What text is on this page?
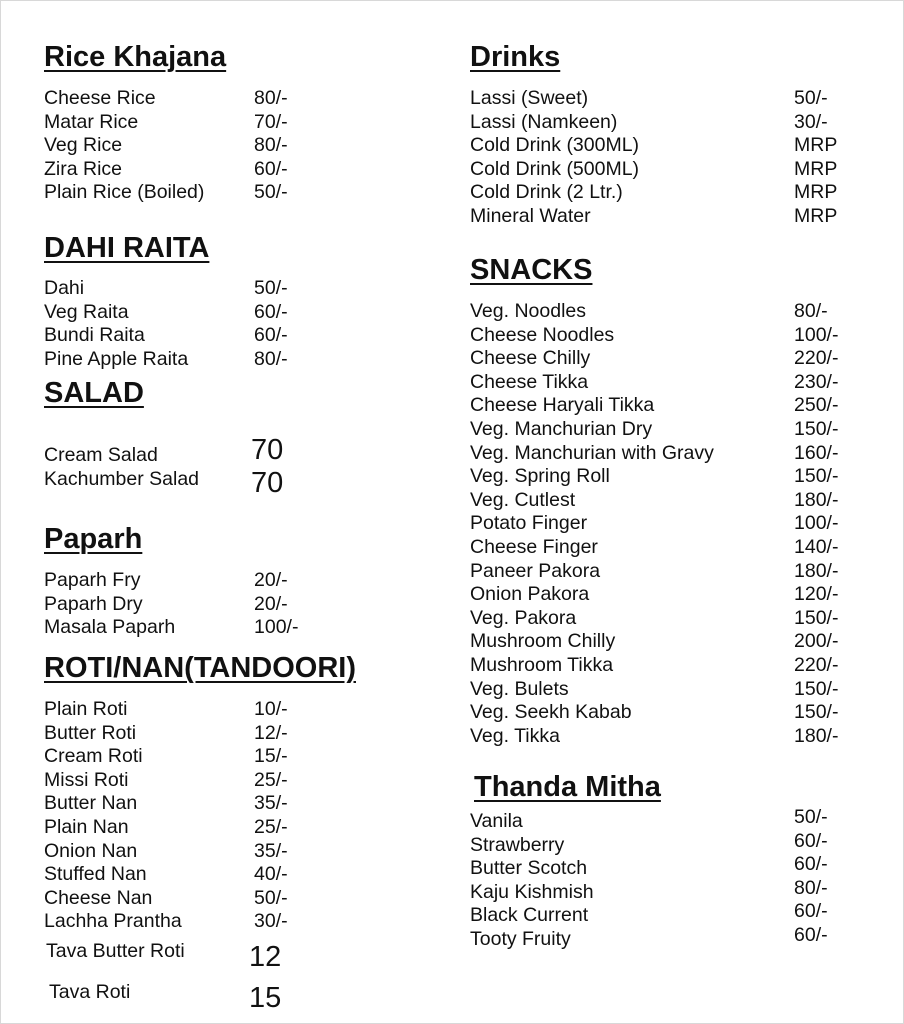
Rice Khajana
Cheese Rice	80/-
Matar Rice	70/-
Veg Rice	80/-
Zira Rice	60/-
Plain Rice (Boiled)	50/-
DAHI RAITA
Dahi	50/-
Veg Raita	60/-
Bundi Raita	60/-
Pine Apple Raita	80/-
SALAD
Cream Salad	70
Kachumber Salad 70
Paparh
Paparh Fry	20/-
Paparh Dry	20/-
Masala Paparh	100/-
ROTI/NAN(TANDOORI)
Plain Roti	10/-
Butter Roti	12/-
Cream Roti	15/-
Missi Roti	25/-
Butter Nan	35/-
Plain Nan	25/-
Onion Nan	35/-
Stuffed Nan	40/-
Cheese Nan	50/-
Lachha Prantha	30/-
Tava Butter Roti 12
Tava Roti	15
Drinks
Lassi (Sweet)	50/-
Lassi (Namkeen)	30/-
Cold Drink (300ML)	MRP
Cold Drink (500ML)	MRP
Cold Drink (2 Ltr.)	MRP
Mineral Water	MRP
SNACKS
Veg. Noodles	80/-
Cheese Noodles	100/-
Cheese Chilly	220/-
Cheese Tikka	230/-
Cheese Haryali Tikka	250/-
Veg. Manchurian Dry	150/-
Veg. Manchurian with Gravy	160/-
Veg. Spring Roll	150/-
Veg. Cutlest	180/-
Potato Finger	100/-
Cheese Finger	140/-
Paneer Pakora	180/-
Onion Pakora	120/-
Veg. Pakora	150/-
Mushroom Chilly	200/-
Mushroom Tikka	220/-
Veg. Bulets	150/-
Veg. Seekh Kabab	150/-
Veg. Tikka	180/-
Thanda Mitha
Vanila	50/-
Strawberry	60/-
Butter Scotch	60/-
Kaju Kishmish	80/-
Black Current	60/-
Tooty Fruity	60/-
